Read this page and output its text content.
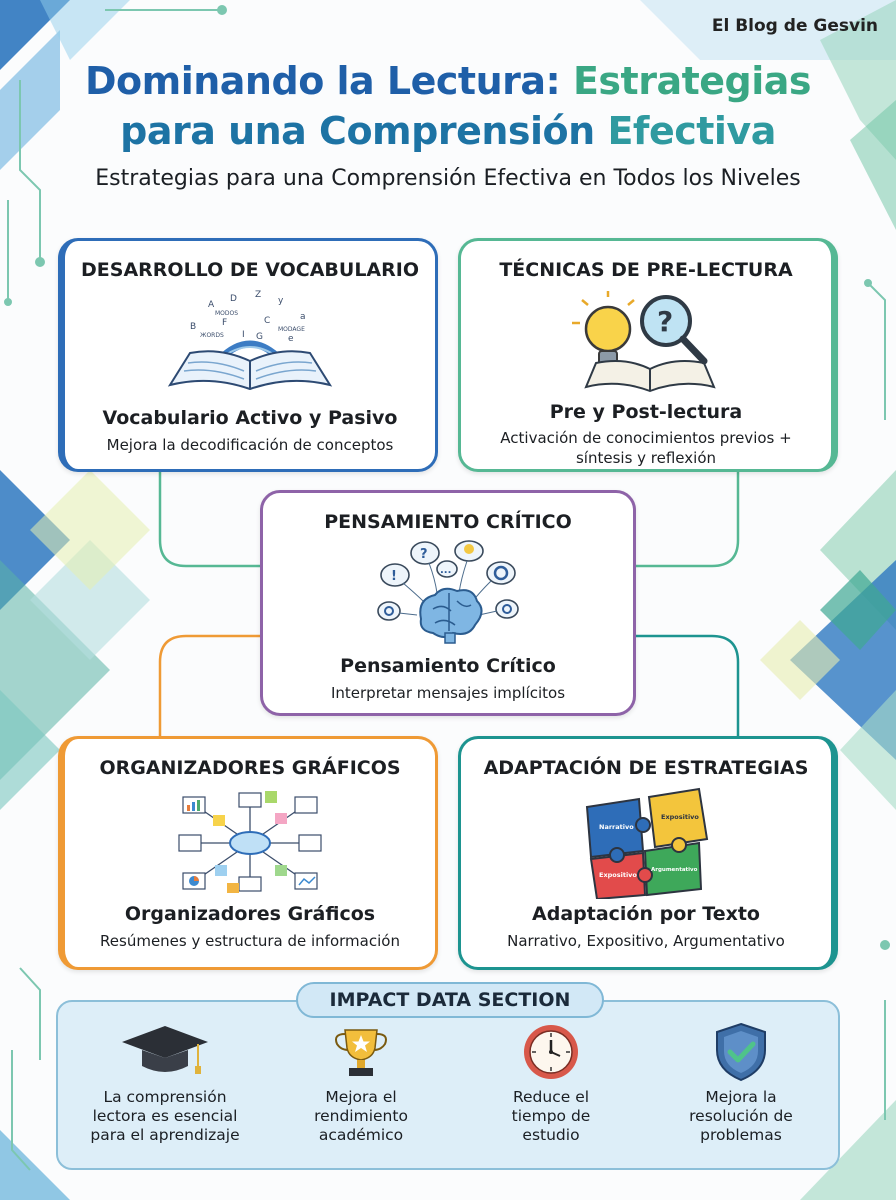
El Blog de Gesvin
Dominando la Lectura: Estrategias
para una Comprensión Efectiva
Estrategias para una Comprensión Efectiva en Todos los Niveles
DESARROLLO DE VOCABULARIO
A
D Z
y
B	F	C	a
MODOS
ЖORDS
MODAGE
I G	e
Vocabulario Activo y Pasivo
Mejora la decodificación de conceptos
TÉCNICAS DE PRE-LECTURA
?
Pre y Post-lectura
Activación de conocimientos previos +
síntesis y reflexión
PENSAMIENTO CRÍTICO
!
?
...
Pensamiento Crítico
Interpretar mensajes implícitos
ORGANIZADORES GRÁFICOS
Organizadores Gráficos
Resúmenes y estructura de información
ADAPTACIÓN DE ESTRATEGIAS
Narrativo
Expositivo
Expositivo
Argumentativo
Adaptación por Texto
Narrativo, Expositivo, Argumentativo
IMPACT DATA SECTION
La comprensión
lectora es esencial
para el aprendizaje
Mejora el
rendimiento
académico
Reduce el
tiempo de
estudio
Mejora la
resolución de
problemas
